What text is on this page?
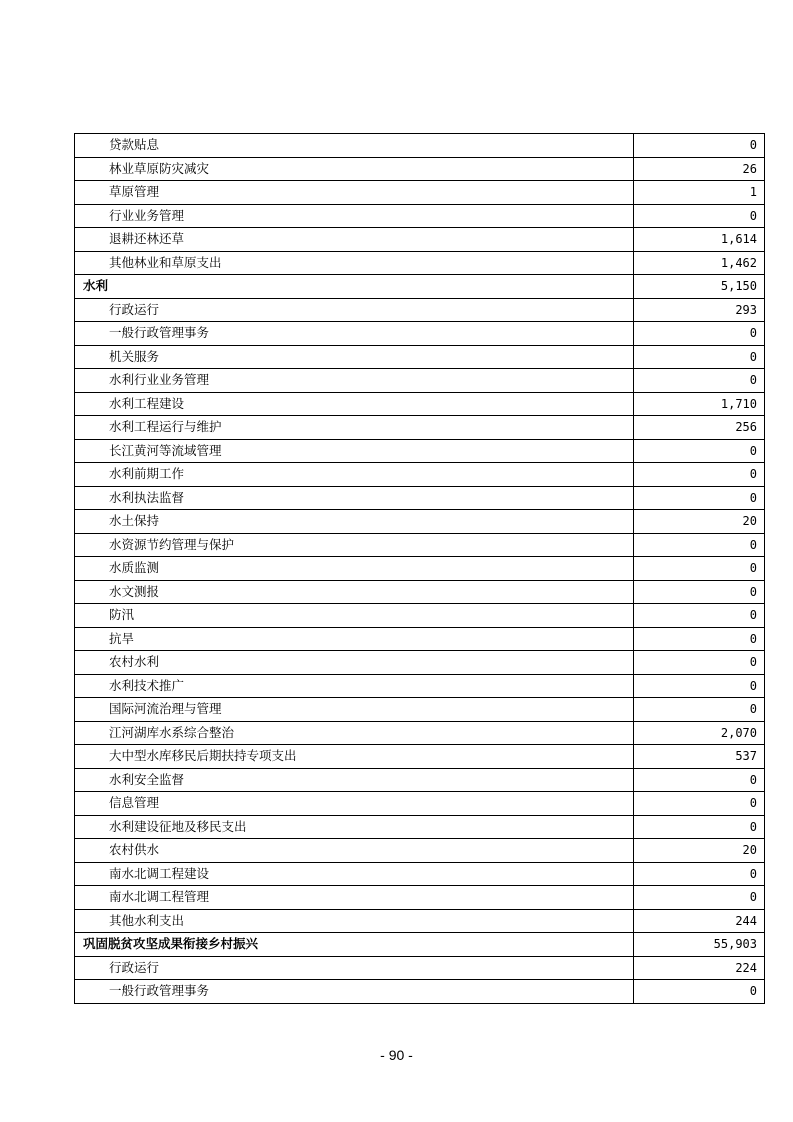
贷款贴息	0
林业草原防灾减灾	26
草原管理	1
行业业务管理	0
退耕还林还草	1,614
其他林业和草原支出	1,462
水利	5,150
行政运行	293
一般行政管理事务	0
机关服务	0
水利行业业务管理	0
水利工程建设	1,710
水利工程运行与维护	256
长江黄河等流域管理	0
水利前期工作	0
水利执法监督	0
水土保持	20
水资源节约管理与保护	0
水质监测	0
水文测报	0
防汛	0
抗旱	0
农村水利	0
水利技术推广	0
国际河流治理与管理	0
江河湖库水系综合整治	2,070
大中型水库移民后期扶持专项支出	537
水利安全监督	0
信息管理	0
水利建设征地及移民支出	0
农村供水	20
南水北调工程建设	0
南水北调工程管理	0
其他水利支出	244
巩固脱贫攻坚成果衔接乡村振兴	55,903
行政运行	224
一般行政管理事务	0
- 90 -
